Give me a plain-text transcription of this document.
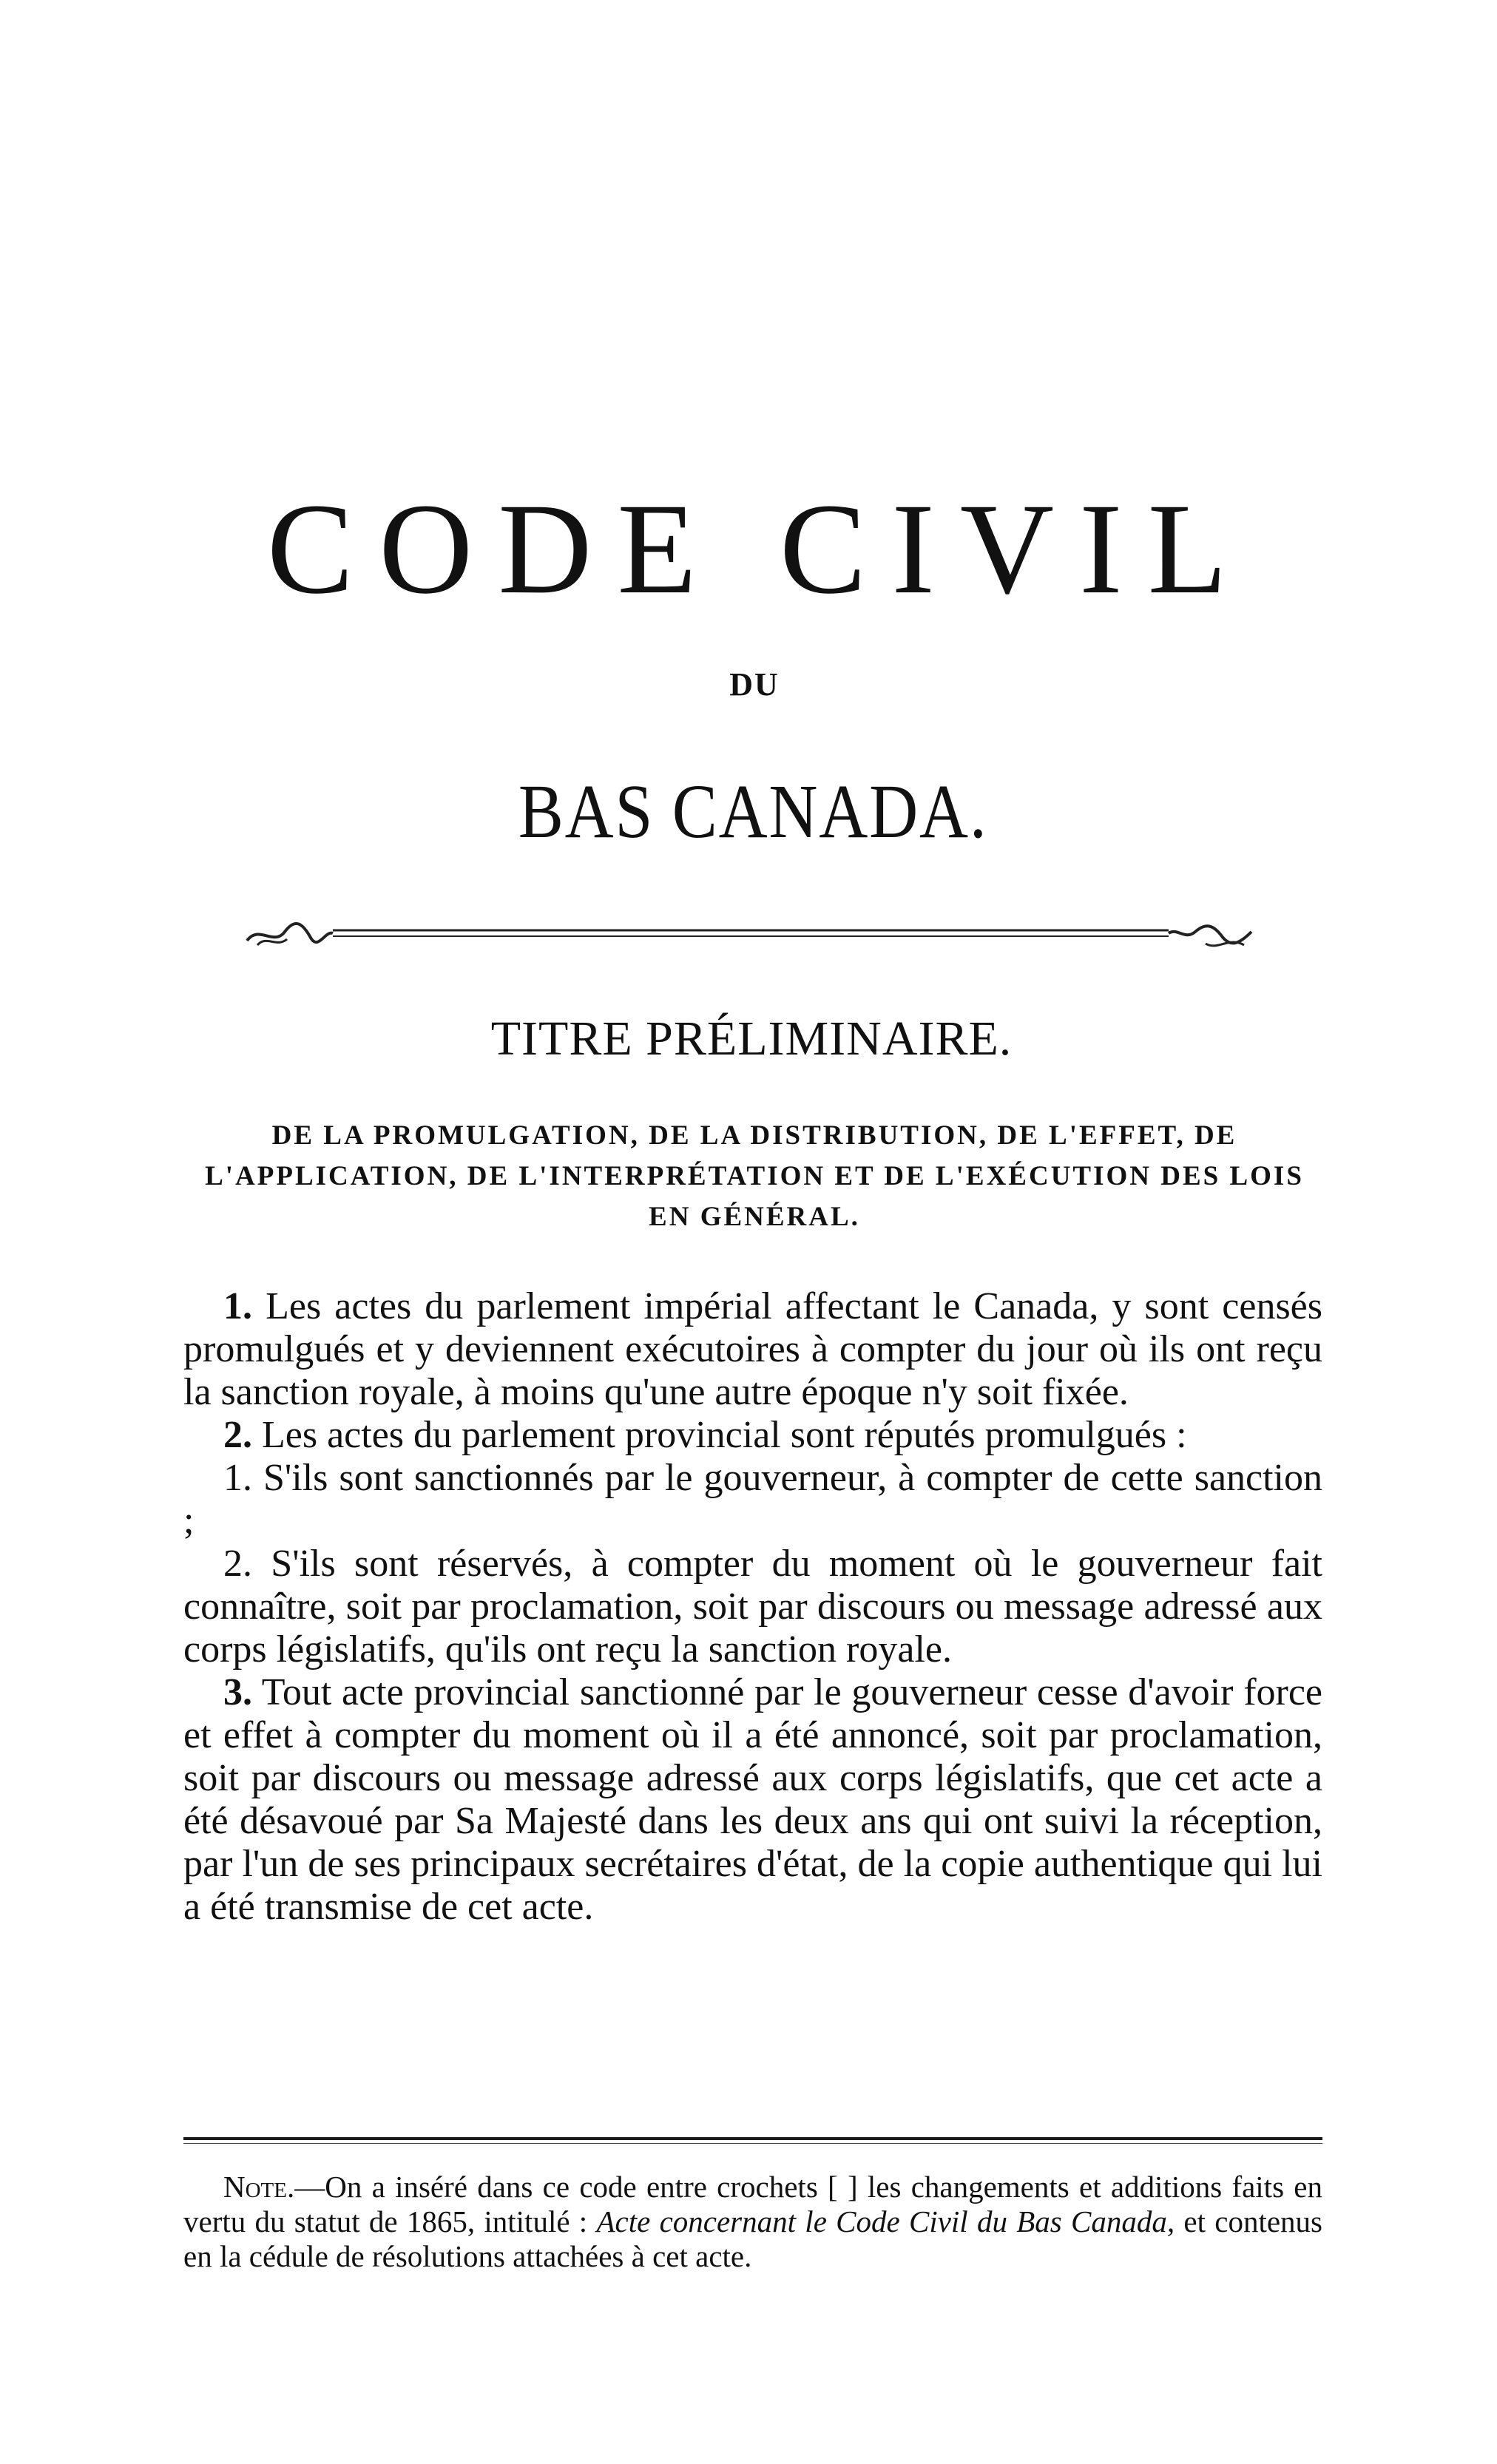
CODE CIVIL
DU
BAS CANADA.
TITRE PRÉLIMINAIRE.
DE LA PROMULGATION, DE LA DISTRIBUTION, DE L'EFFET, DE L'APPLICATION, DE L'INTERPRÉTATION ET DE L'EXÉCUTION DES LOIS EN GÉNÉRAL.

1. Les actes du parlement impérial affectant le Canada, y sont censés promulgués et y deviennent exécutoires à compter du jour où ils ont reçu la sanction royale, à moins qu'une autre époque n'y soit fixée.

2. Les actes du parlement provincial sont réputés promulgués :

1. S'ils sont sanctionnés par le gouverneur, à compter de cette sanction ;

2. S'ils sont réservés, à compter du moment où le gouverneur fait connaître, soit par proclamation, soit par discours ou message adressé aux corps législatifs, qu'ils ont reçu la sanction royale.

3. Tout acte provincial sanctionné par le gouverneur cesse d'avoir force et effet à compter du moment où il a été annoncé, soit par proclamation, soit par discours ou message adressé aux corps législatifs, que cet acte a été désavoué par Sa Majesté dans les deux ans qui ont suivi la réception, par l'un de ses principaux secrétaires d'état, de la copie authentique qui lui a été transmise de cet acte.

Note.—On a inséré dans ce code entre crochets [ ] les changements et additions faits en vertu du statut de 1865, intitulé : Acte concernant le Code Civil du Bas Canada, et contenus en la cédule de résolutions attachées à cet acte.
